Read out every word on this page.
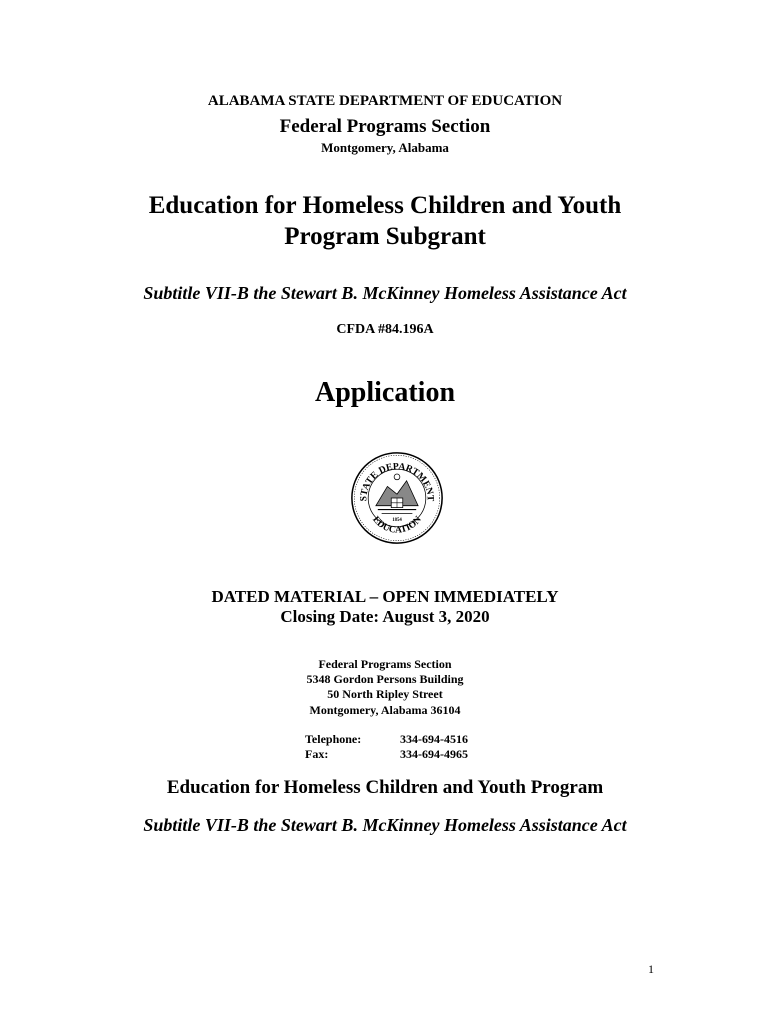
ALABAMA STATE DEPARTMENT OF EDUCATION
Federal Programs Section
Montgomery, Alabama
Education for Homeless Children and Youth
Program Subgrant
Subtitle VII-B the Stewart B. McKinney Homeless Assistance Act
CFDA #84.196A
Application
STATE DEPARTMENT
EDUCATION
1854
DATED MATERIAL – OPEN IMMEDIATELY
Closing Date: August 3, 2020
Federal Programs Section
5348 Gordon Persons Building
50 North Ripley Street
Montgomery, Alabama 36104
Telephone:	334-694-4516
Fax:	334-694-4965
Education for Homeless Children and Youth Program
Subtitle VII-B the Stewart B. McKinney Homeless Assistance Act
1
